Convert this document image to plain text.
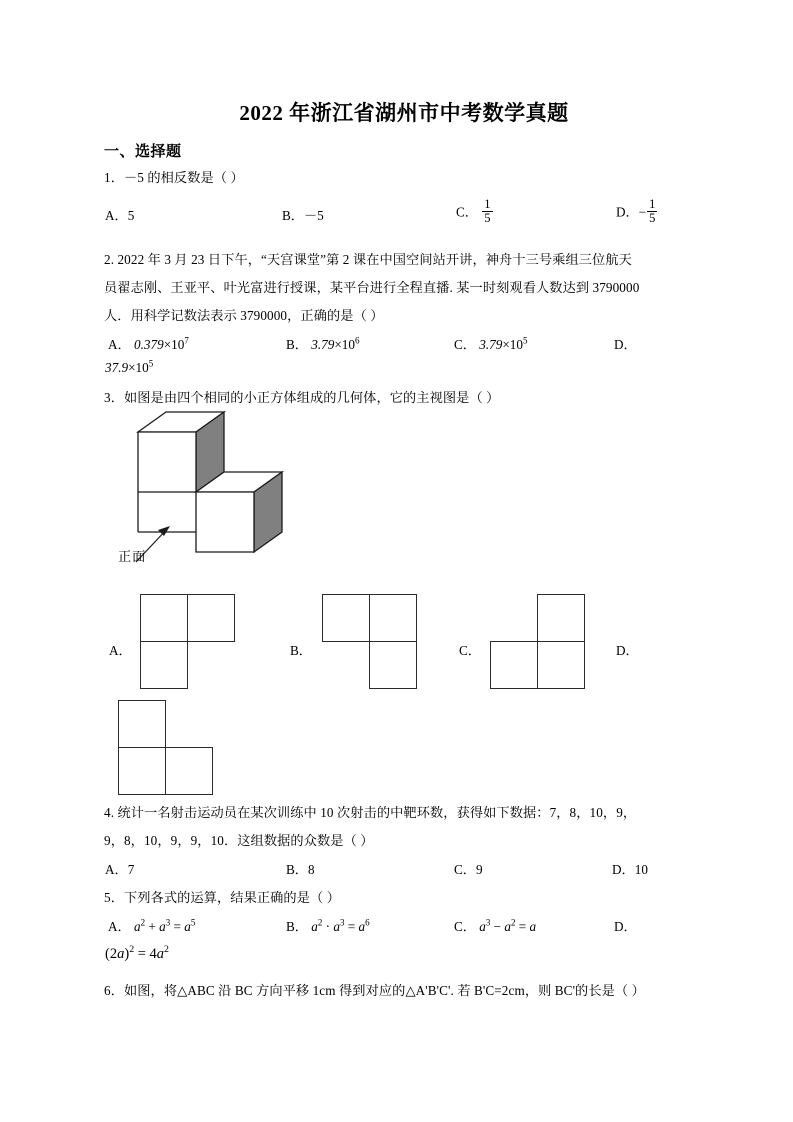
2022 年浙江省湖州市中考数学真题
一、选择题
1．－5 的相反数是（ ）
A．5	B．－5	C． $\frac{1}{5}$	D．− $\frac{1}{5}$
2. 2022 年 3 月 23 日下午，“天宫课堂”第 2 课在中国空间站开讲，神舟十三号乘组三位航天
员翟志刚、王亚平、叶光富进行授课，某平台进行全程直播. 某一时刻观看人数达到 3790000
人．用科学记数法表示 3790000，正确的是（ ）
A． $0.379\times 10^7$	B． $3.79\times 10^6$	C． $3.79\times 10^5$	D．
$37.9\times 10^5$
3．如图是由四个相同的小正方体组成的几何体，它的主视图是（ ）
正面
A．	B．	C．	D．
4. 统计一名射击运动员在某次训练中 10 次射击的中靶环数，获得如下数据：7，8，10，9，
9，8，10，9，9，10．这组数据的众数是（ ）
A．7	B．8	C．9	D．10
5．下列各式的运算，结果正确的是（ ）
A． $a^2 + a^3 = a^5$	B． $a^2 \cdot a^3 = a^6$	C． $a^3 - a^2 = a$	D．
$(2a)^2 = 4a^2$
6．如图，将△ABC 沿 BC 方向平移 1cm 得到对应的△A'B'C'. 若 B'C=2cm，则 BC'的长是（ ）
